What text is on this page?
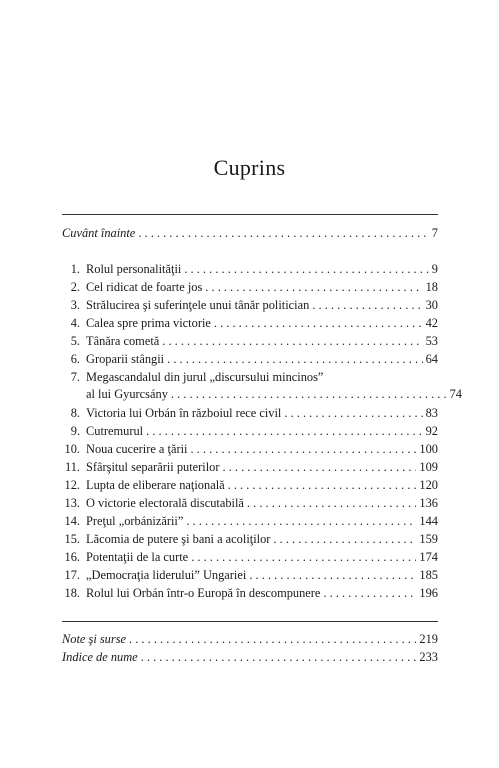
Cuprins
Cuvânt înainte . . .	7
1. Rolul personalităţii . . .	9
2. Cel ridicat de foarte jos . . .	18
3. Strălucirea şi suferinţele unui tânăr politician . . .	30
4. Calea spre prima victorie . . .	42
5. Tânăra cometă . . .	53
6. Groparii stângii . . .	64
7. Megascandalul din jurul „discursului mincinos”
al lui Gyurcsány . . .	74
8. Victoria lui Orbán în războiul rece civil . . .	83
9. Cutremurul . . .	92
10. Noua cucerire a ţării . . .	100
11. Sfârşitul separării puterilor . . .	109
12. Lupta de eliberare naţională . . .	120
13. O victorie electorală discutabilă . . .	136
14. Preţul „orbánizării” . . .	144
15. Lăcomia de putere şi bani a acoliţilor . . .	159
16. Potentaţii de la curte . . .	174
17. „Democraţia liderului” Ungariei . . .	185
18. Rolul lui Orbán într-o Europă în descompunere . . .	196
Note şi surse . . .	219
Indice de nume . . .	233
